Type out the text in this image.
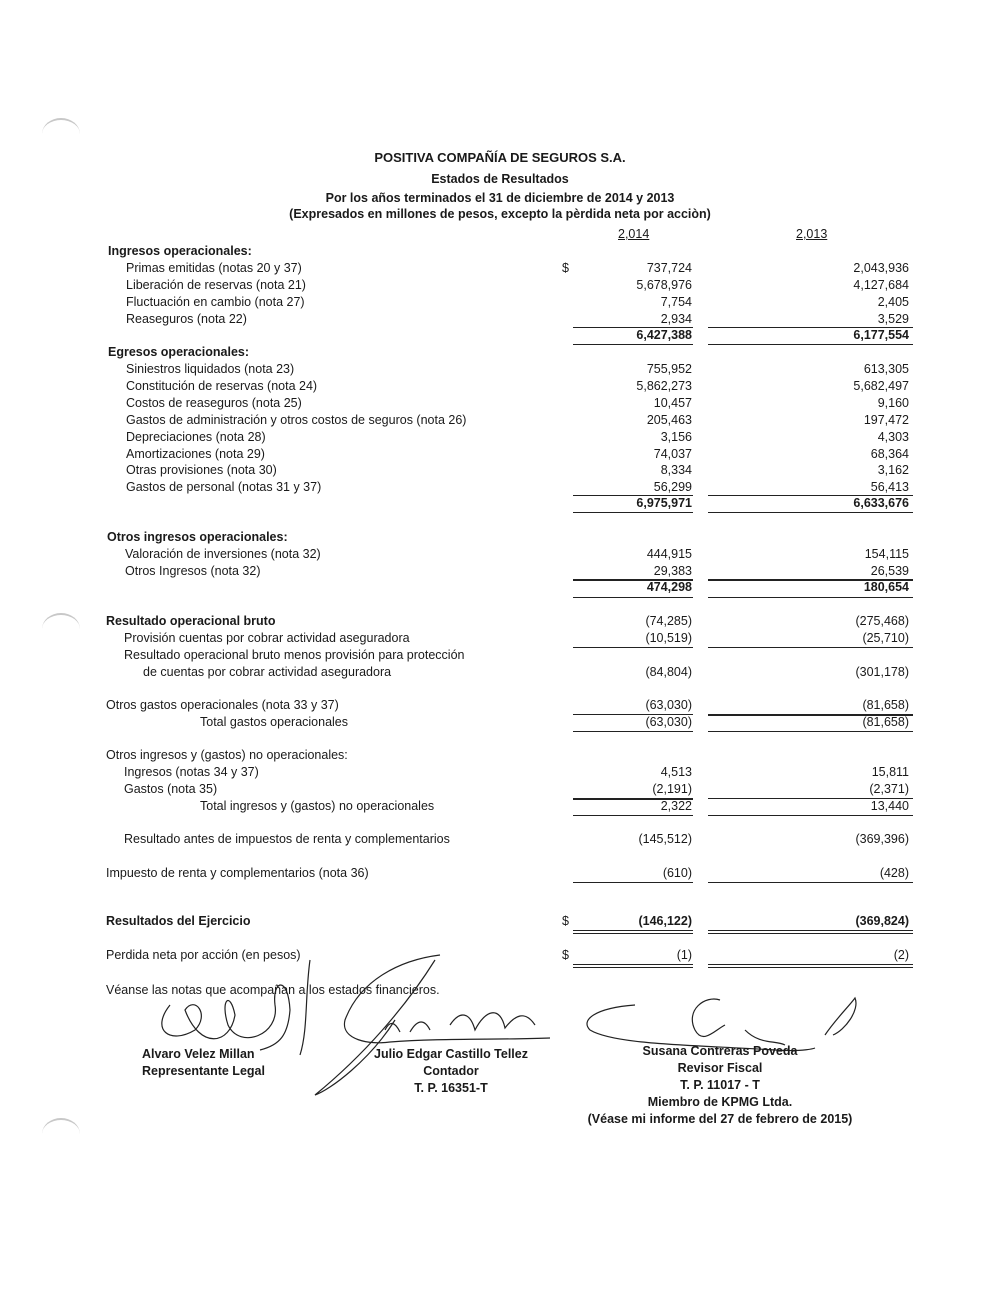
POSITIVA COMPAÑÍA DE SEGUROS S.A.
Estados de Resultados
Por los años terminados el 31 de diciembre de 2014 y 2013
(Expresados en millones de pesos, excepto la pèrdida neta por acciòn)
2,014	2,013
Ingresos operacionales:
Primas emitidas (notas 20 y 37)	$	737,724	2,043,936
Liberación de reservas (nota 21)	5,678,976	4,127,684
Fluctuación en cambio (nota 27)	7,754	2,405
Reaseguros (nota 22)	2,934	3,529
6,427,388	6,177,554
Egresos operacionales:
Siniestros liquidados (nota 23)	755,952	613,305
Constitución de reservas (nota 24)	5,862,273	5,682,497
Costos de reaseguros (nota 25)	10,457	9,160
Gastos de administración y otros costos de seguros (nota 26)	205,463	197,472
Depreciaciones (nota 28)	3,156	4,303
Amortizaciones (nota 29)	74,037	68,364
Otras provisiones (nota 30)	8,334	3,162
Gastos de personal (notas 31 y 37)	56,299	56,413
6,975,971	6,633,676
Otros ingresos operacionales:
Valoración de inversiones (nota 32)	444,915	154,115
Otros Ingresos (nota 32)	29,383	26,539
474,298	180,654
Resultado operacional bruto	(74,285)	(275,468)
Provisión cuentas por cobrar actividad aseguradora	(10,519)	(25,710)
Resultado operacional bruto menos provisión para protección
de cuentas por cobrar actividad aseguradora	(84,804)	(301,178)
Otros gastos operacionales (nota 33 y 37)	(63,030)	(81,658)
Total gastos operacionales	(63,030)	(81,658)
Otros ingresos y (gastos) no operacionales:
Ingresos (notas 34 y 37)	4,513	15,811
Gastos (nota 35)	(2,191)	(2,371)
Total ingresos y (gastos) no operacionales	2,322	13,440
Resultado antes de impuestos de renta y complementarios	(145,512)	(369,396)
Impuesto de renta y complementarios (nota 36)	(610)	(428)
Resultados del Ejercicio	$	(146,122)	(369,824)
Perdida neta por acción (en pesos)	$	(1)	(2)
Véanse las notas que acompañan a los estados financieros.
Alvaro Velez Millan
Representante Legal
Julio Edgar Castillo Tellez
Contador
T. P. 16351-T
Susana Contreras Poveda
Revisor Fiscal
T. P. 11017 - T
Miembro de KPMG Ltda.
(Véase mi informe del 27 de febrero de 2015)
